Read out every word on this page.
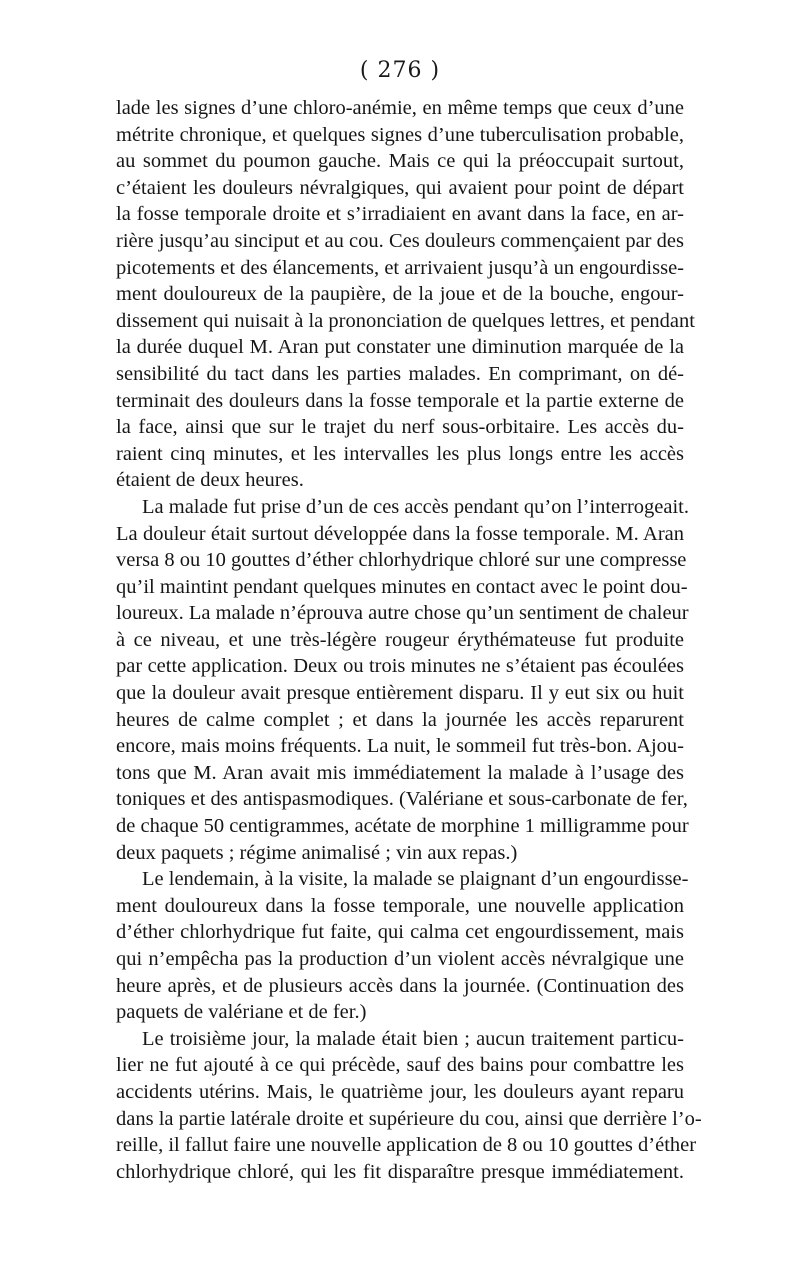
( 276 )
lade les signes d’une chloro-anémie, en même temps que ceux d’une
métrite chronique, et quelques signes d’une tuberculisation probable,
au sommet du poumon gauche. Mais ce qui la préoccupait surtout,
c’étaient les douleurs névralgiques, qui avaient pour point de départ
la fosse temporale droite et s’irradiaient en avant dans la face, en ar-
rière jusqu’au sinciput et au cou. Ces douleurs commençaient par des
picotements et des élancements, et arrivaient jusqu’à un engourdisse-
ment douloureux de la paupière, de la joue et de la bouche, engour-
dissement qui nuisait à la prononciation de quelques lettres, et pendant
la durée duquel M. Aran put constater une diminution marquée de la
sensibilité du tact dans les parties malades. En comprimant, on dé-
terminait des douleurs dans la fosse temporale et la partie externe de
la face, ainsi que sur le trajet du nerf sous-orbitaire. Les accès du-
raient cinq minutes, et les intervalles les plus longs entre les accès
étaient de deux heures.
La malade fut prise d’un de ces accès pendant qu’on l’interrogeait.
La douleur était surtout développée dans la fosse temporale. M. Aran
versa 8 ou 10 gouttes d’éther chlorhydrique chloré sur une compresse
qu’il maintint pendant quelques minutes en contact avec le point dou-
loureux. La malade n’éprouva autre chose qu’un sentiment de chaleur
à ce niveau, et une très-légère rougeur érythémateuse fut produite
par cette application. Deux ou trois minutes ne s’étaient pas écoulées
que la douleur avait presque entièrement disparu. Il y eut six ou huit
heures de calme complet ; et dans la journée les accès reparurent
encore, mais moins fréquents. La nuit, le sommeil fut très-bon. Ajou-
tons que M. Aran avait mis immédiatement la malade à l’usage des
toniques et des antispasmodiques. (Valériane et sous-carbonate de fer,
de chaque 50 centigrammes, acétate de morphine 1 milligramme pour
deux paquets ; régime animalisé ; vin aux repas.)
Le lendemain, à la visite, la malade se plaignant d’un engourdisse-
ment douloureux dans la fosse temporale, une nouvelle application
d’éther chlorhydrique fut faite, qui calma cet engourdissement, mais
qui n’empêcha pas la production d’un violent accès névralgique une
heure après, et de plusieurs accès dans la journée. (Continuation des
paquets de valériane et de fer.)
Le troisième jour, la malade était bien ; aucun traitement particu-
lier ne fut ajouté à ce qui précède, sauf des bains pour combattre les
accidents utérins. Mais, le quatrième jour, les douleurs ayant reparu
dans la partie latérale droite et supérieure du cou, ainsi que derrière l’o-
reille, il fallut faire une nouvelle application de 8 ou 10 gouttes d’éther
chlorhydrique chloré, qui les fit disparaître presque immédiatement.
